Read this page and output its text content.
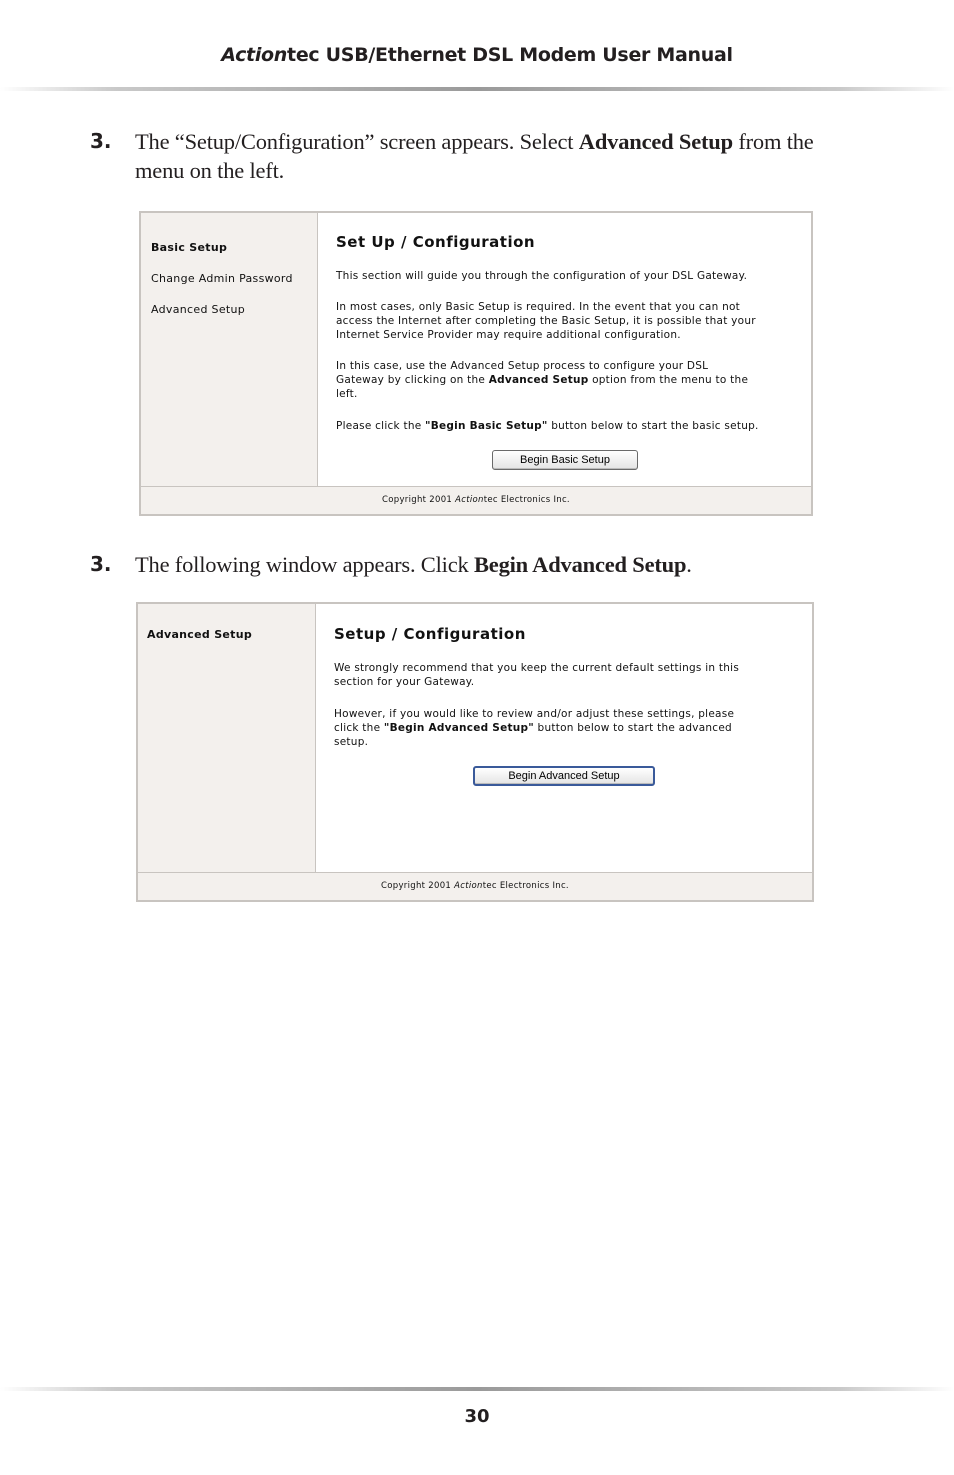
Actiontec USB/Ethernet DSL Modem User Manual
3. The “Setup/Configuration” screen appears. Select Advanced Setup from the menu on the left.
Basic Setup
Change Admin Password
Advanced Setup
Set Up / Configuration
This section will guide you through the configuration of your DSL Gateway.
In most cases, only Basic Setup is required. In the event that you can not
access the Internet after completing the Basic Setup, it is possible that your
Internet Service Provider may require additional configuration.
In this case, use the Advanced Setup process to configure your DSL
Gateway by clicking on the Advanced Setup option from the menu to the
left.
Please click the "Begin Basic Setup" button below to start the basic setup.
Begin Basic Setup
Copyright 2001 Actiontec Electronics Inc.
3. The following window appears. Click Begin Advanced Setup.
Advanced Setup	Setup / Configuration
We strongly recommend that you keep the current default settings in this
section for your Gateway.
However, if you would like to review and/or adjust these settings, please
click the "Begin Advanced Setup" button below to start the advanced
setup.
Begin Advanced Setup
Copyright 2001 Actiontec Electronics Inc.
30
